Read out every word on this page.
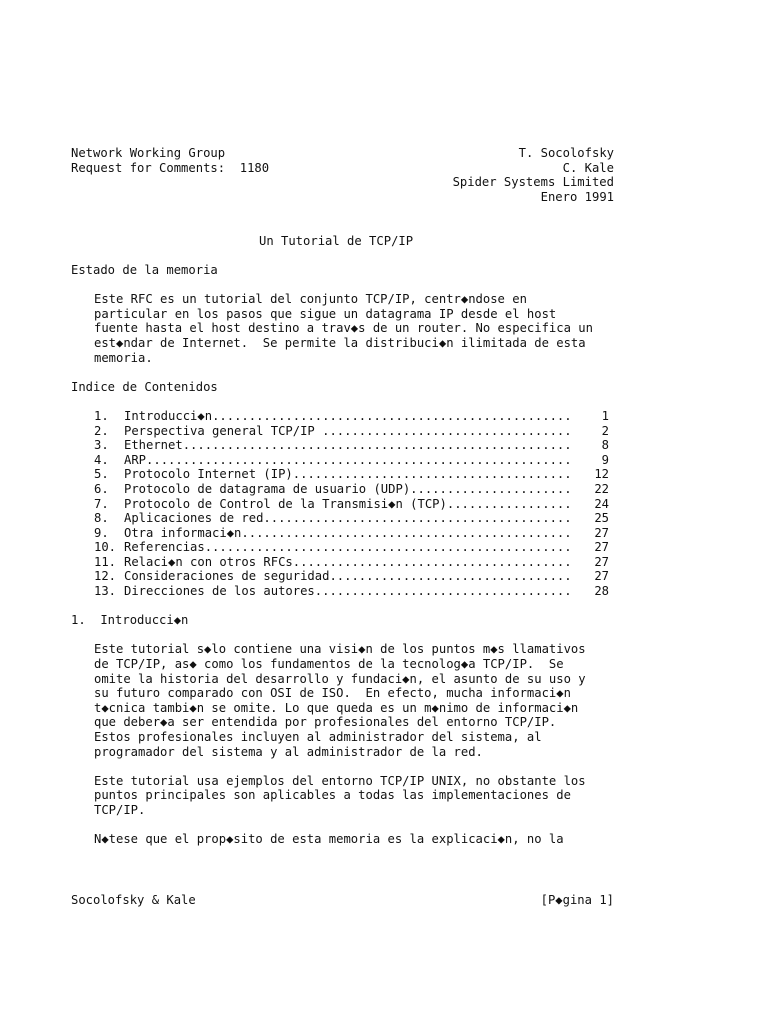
Network Working Group
Request for Comments:  1180
T. Socolofsky
C. Kale
Spider Systems Limited
Enero 1991
Un Tutorial de TCP/IP
Estado de la memoria
Este RFC es un tutorial del conjunto TCP/IP, centr◆ndose en
particular en los pasos que sigue un datagrama IP desde el host
fuente hasta el host destino a trav◆s de un router. No especifica un
est◆ndar de Internet.  Se permite la distribuci◆n ilimitada de esta
memoria.
Indice de Contenidos
1.	Introducci◆n .....	1
2.	Perspectiva general TCP/IP .....	2
3.	Ethernet .....	8
4.	ARP .....	9
5.	Protocolo Internet (IP) .....	12
6.	Protocolo de datagrama de usuario (UDP) .....	22
7.	Protocolo de Control de la Transmisi◆n (TCP) .....	24
8.	Aplicaciones de red .....	25
9.	Otra informaci◆n .....	27
10. Referencias .....	27
11. Relaci◆n con otros RFCs .....	27
12. Consideraciones de seguridad .....	27
13. Direcciones de los autores .....	28
1.  Introducci◆n
Este tutorial s◆lo contiene una visi◆n de los puntos m◆s llamativos
de TCP/IP, as◆ como los fundamentos de la tecnolog◆a TCP/IP.  Se
omite la historia del desarrollo y fundaci◆n, el asunto de su uso y
su futuro comparado con OSI de ISO.  En efecto, mucha informaci◆n
t◆cnica tambi◆n se omite. Lo que queda es un m◆nimo de informaci◆n
que deber◆a ser entendida por profesionales del entorno TCP/IP.
Estos profesionales incluyen al administrador del sistema, al
programador del sistema y al administrador de la red.
Este tutorial usa ejemplos del entorno TCP/IP UNIX, no obstante los
puntos principales son aplicables a todas las implementaciones de
TCP/IP.
N◆tese que el prop◆sito de esta memoria es la explicaci◆n, no la
Socolofsky & Kale	[P◆gina 1]
